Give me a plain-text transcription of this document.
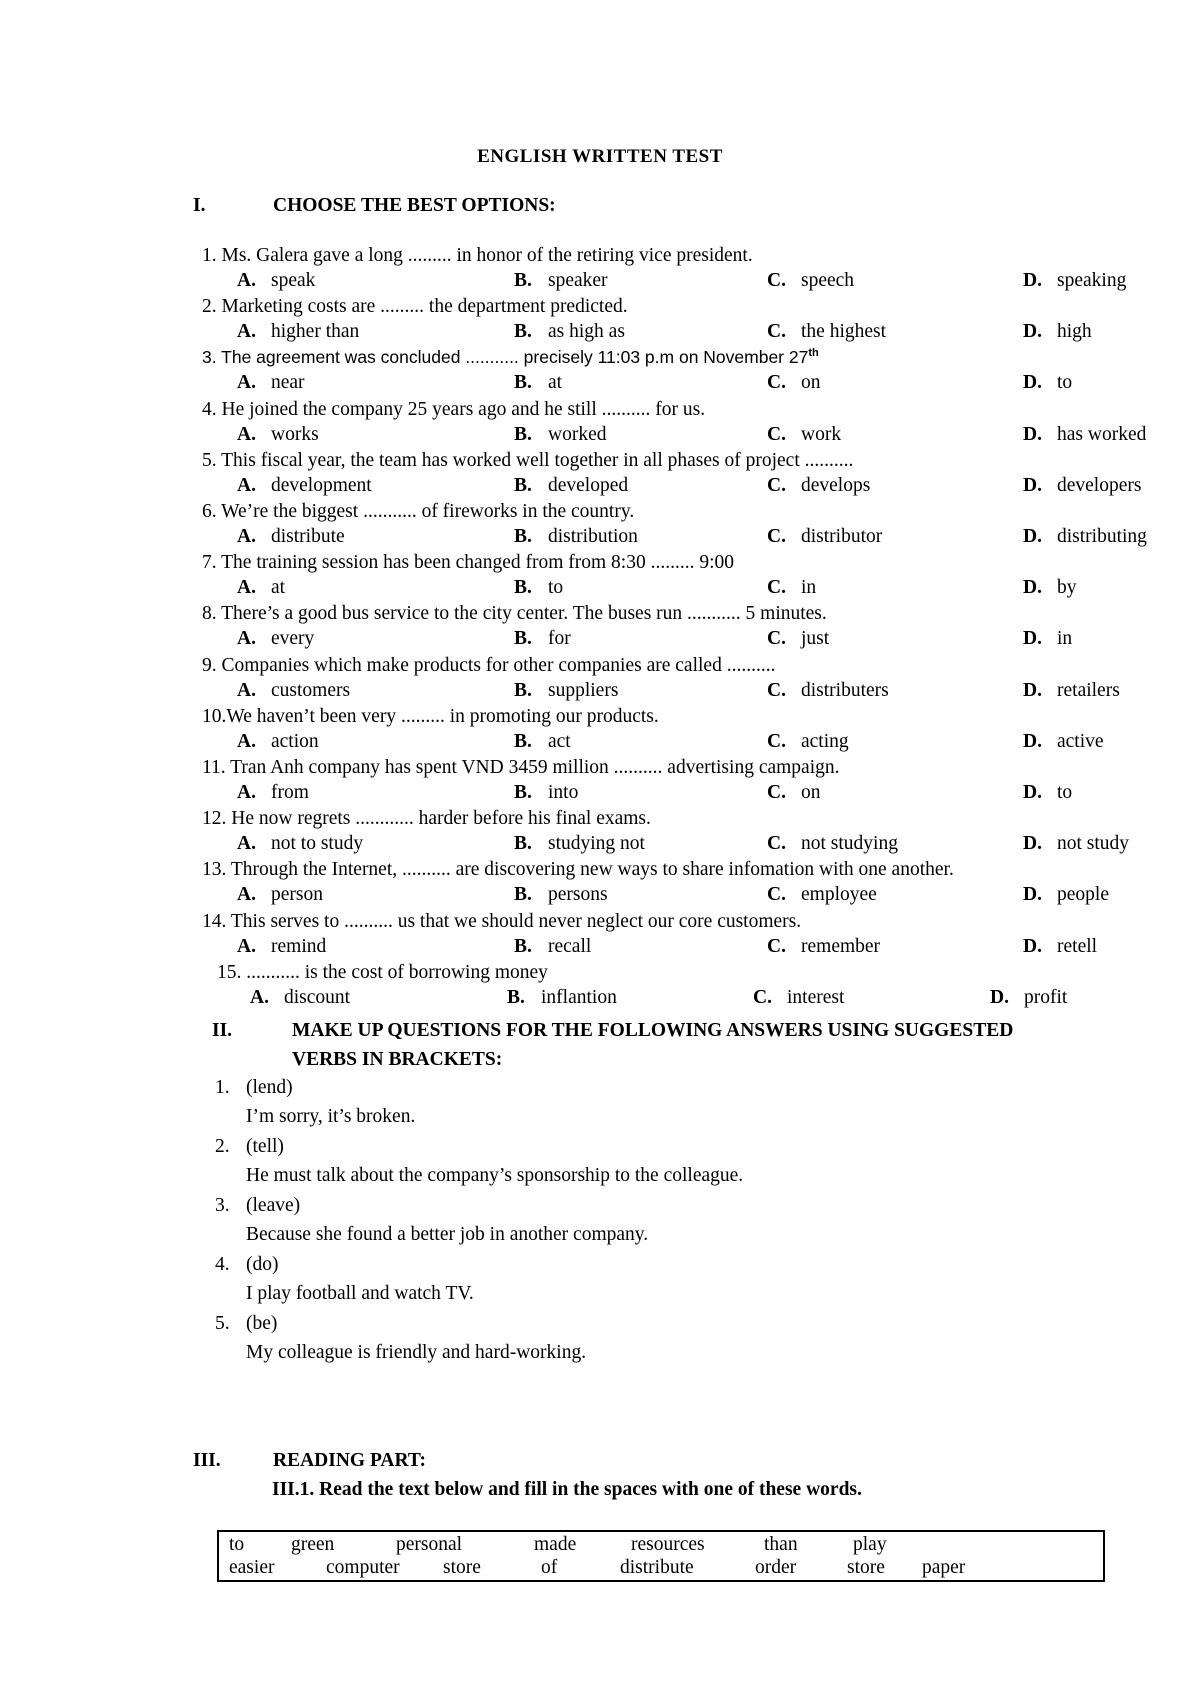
ENGLISH WRITTEN TEST
I.	CHOOSE THE BEST OPTIONS:
1. Ms. Galera gave a long ......... in honor of the retiring vice president.
A. speak	B. speaker	C. speech	D. speaking
2. Marketing costs are ......... the department predicted.
A. higher than	B. as high as	C. the highest	D. high
3. The agreement was concluded ........... precisely 11:03 p.m on November 27th
A. near	B. at	C. on	D. to
4. He joined the company 25 years ago and he still .......... for us.
A. works	B. worked	C. work	D. has worked
5. This fiscal year, the team has worked well together in all phases of project ..........
A. development	B. developed	C. develops	D. developers
6. We’re the biggest ........... of fireworks in the country.
A. distribute	B. distribution	C. distributor	D. distributing
7. The training session has been changed from from 8:30 ......... 9:00
A. at	B. to	C. in	D. by
8. There’s a good bus service to the city center. The buses run ........... 5 minutes.
A. every	B. for	C. just	D. in
9. Companies which make products for other companies are called ..........
A. customers	B. suppliers	C. distributers	D. retailers
10.We haven’t been very ......... in promoting our products.
A. action	B. act	C. acting	D. active
11. Tran Anh company has spent VND 3459 million .......... advertising campaign.
A. from	B. into	C. on	D. to
12. He now regrets ............ harder before his final exams.
A. not to study	B. studying not	C. not studying	D. not study
13. Through the Internet, .......... are discovering new ways to share infomation with one another.
A. person	B. persons	C. employee	D. people
14. This serves to .......... us that we should never neglect our core customers.
A. remind	B. recall	C. remember	D. retell
15. ........... is the cost of borrowing money
A. discount	B. inflantion	C. interest	D. profit
II.	MAKE UP QUESTIONS FOR THE FOLLOWING ANSWERS USING SUGGESTED
VERBS IN BRACKETS:
1. (lend)
I’m sorry, it’s broken.
2. (tell)
He must talk about the company’s sponsorship to the colleague.
3. (leave)
Because she found a better job in another company.
4. (do)
I play football and watch TV.
5. (be)
My colleague is friendly and hard-working.
III.	READING PART:
III.1. Read the text below and fill in the spaces with one of these words.
to green	personal	made	resources	than	play
easier	computer store	of	distribute	order	store paper
